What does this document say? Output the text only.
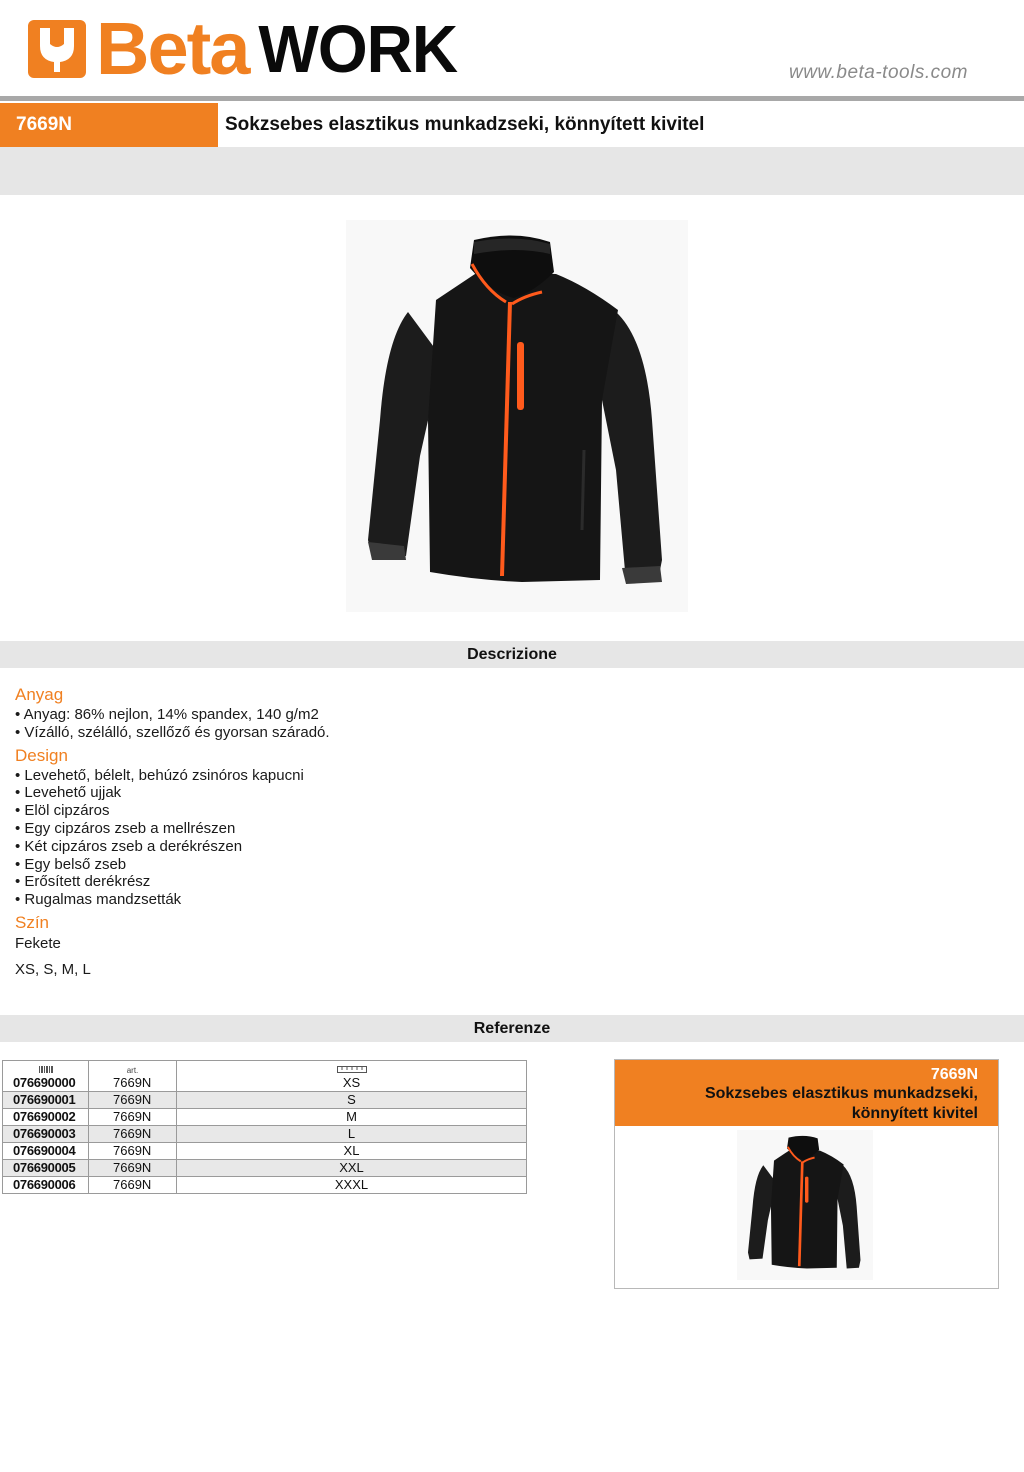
Beta WORK	www.beta-tools.com
7669N	Sokzsebes elasztikus munkadzseki, könnyített kivitel
Descrizione
Anyag
• Anyag: 86% nejlon, 14% spandex, 140 g/m2
• Vízálló, szélálló, szellőző és gyorsan száradó.
Design
• Levehető, bélelt, behúzó zsinóros kapucni
• Levehető ujjak
• Elöl cipzáros
• Egy cipzáros zseb a mellrészen
• Két cipzáros zseb a derékrészen
• Egy belső zseb
• Erősített derékrész
• Rugalmas mandzsetták
Szín

Fekete

XS, S, M, L

Referenze
	art.	
076690000	7669N	XS
076690001	7669N	S
076690002	7669N	M
076690003	7669N	L
076690004	7669N	XL
076690005	7669N	XXL
076690006	7669N	XXXL
7669N
Sokzsebes elasztikus munkadzseki,
könnyített kivitel
